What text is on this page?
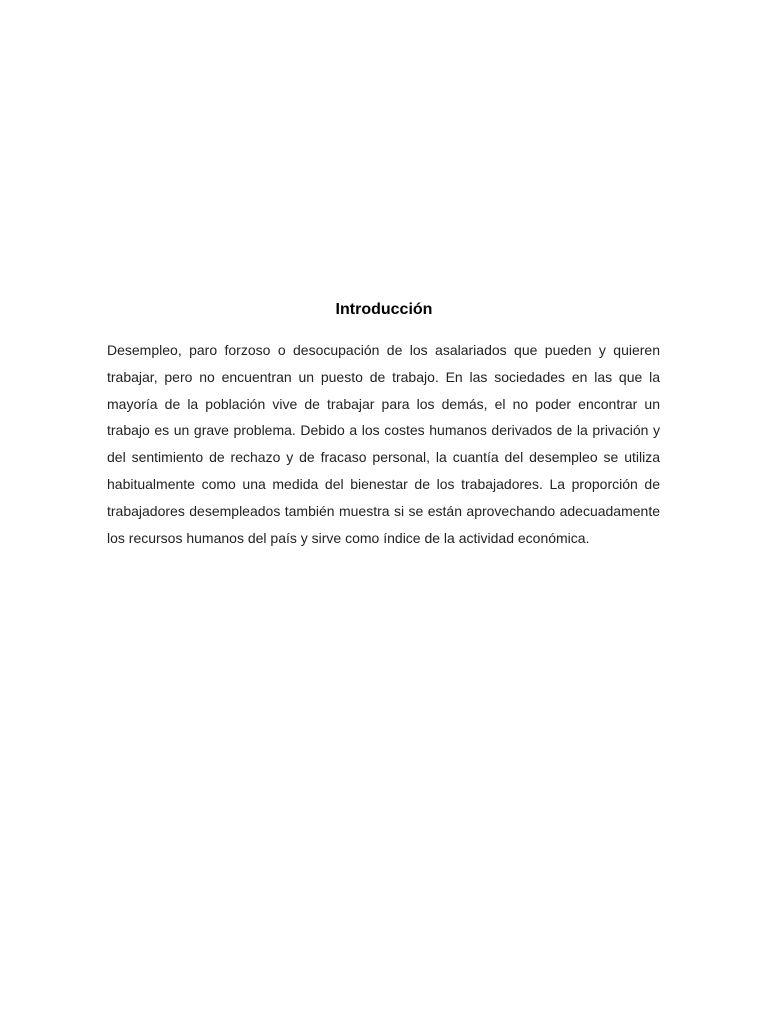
Introducción

Desempleo, paro forzoso o desocupación de los asalariados que pueden y quieren trabajar, pero no encuentran un puesto de trabajo. En las sociedades en las que la mayoría de la población vive de trabajar para los demás, el no poder encontrar un trabajo es un grave problema. Debido a los costes humanos derivados de la privación y del sentimiento de rechazo y de fracaso personal, la cuantía del desempleo se utiliza habitualmente como una medida del bienestar de los trabajadores. La proporción de trabajadores desempleados también muestra si se están aprovechando adecuadamente los recursos humanos del país y sirve como índice de la actividad económica.
